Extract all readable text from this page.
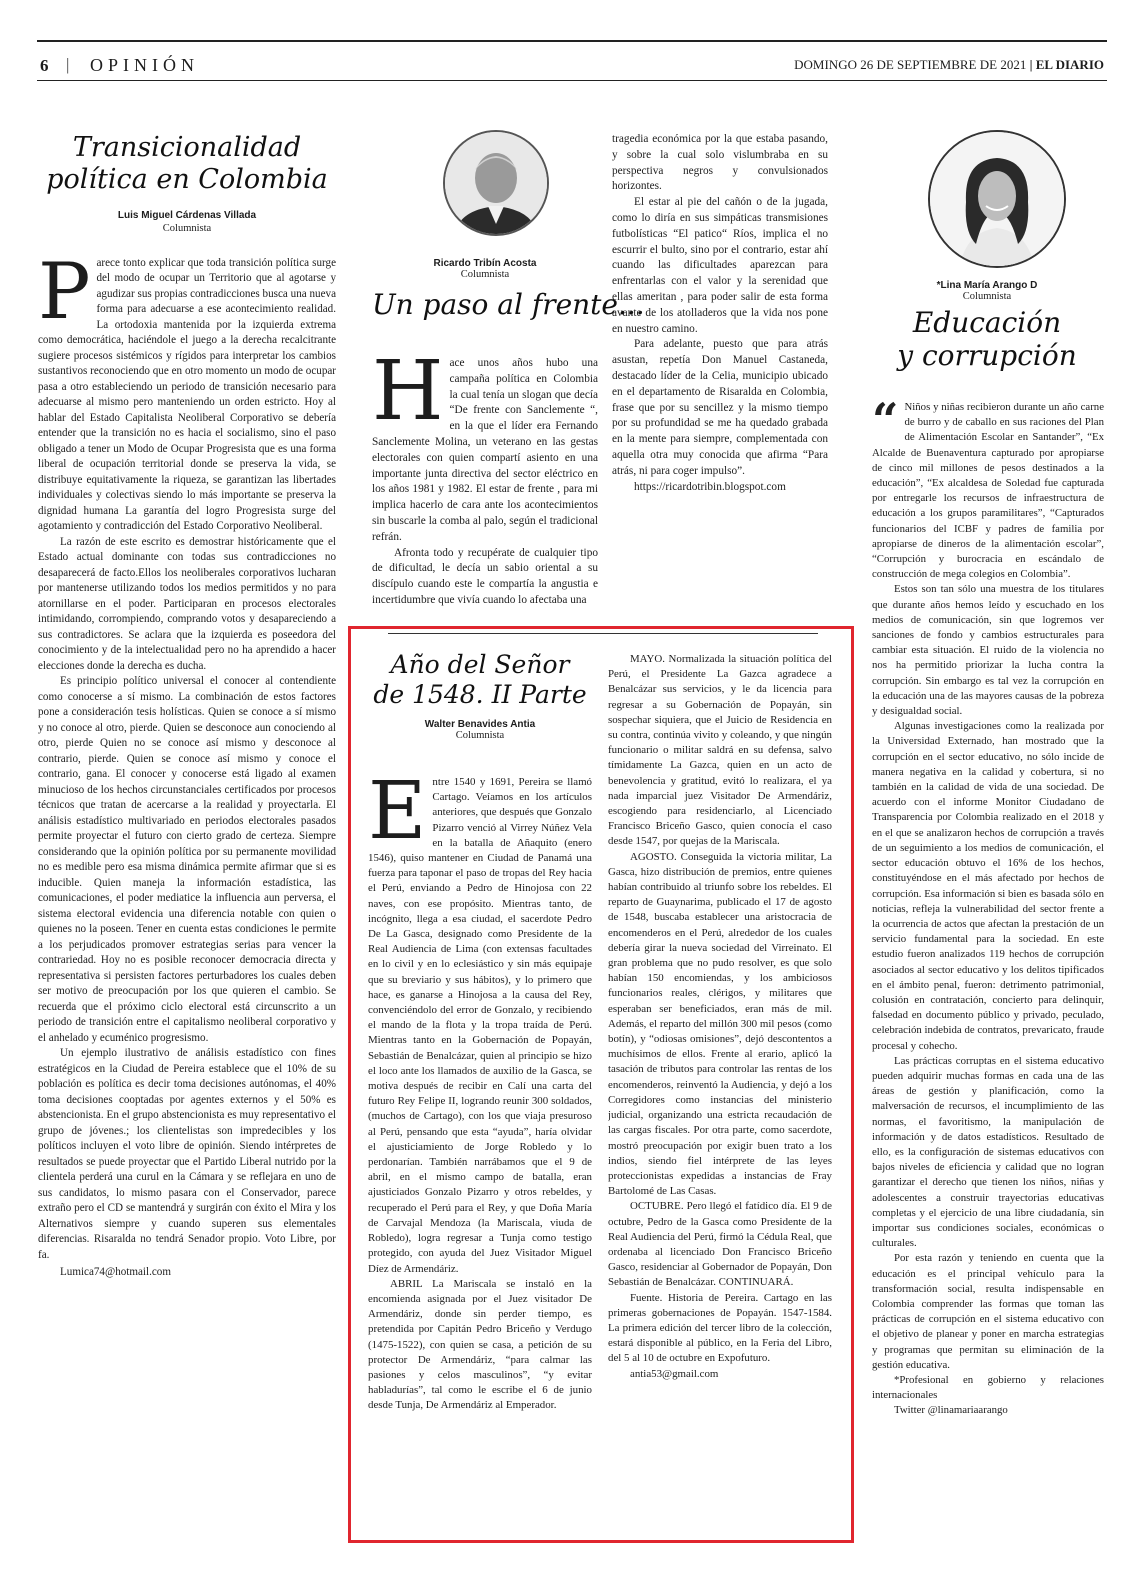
6 | OPINIÓN	DOMINGO 26 DE SEPTIEMBRE DE 2021 | EL DIARIO
Transicionalidad
política en Colombia
Luis Miguel Cárdenas Villada
Columnista

Parece tonto explicar que toda transición política surge del modo de ocupar un Territorio que al agotarse y agudizar sus propias contradicciones busca una nueva forma para adecuarse a ese acontecimiento realidad. La ortodoxia mantenida por la izquierda extrema como democrática, haciéndole el juego a la derecha recalcitrante sugiere procesos sistémicos y rígidos para interpretar los cambios sustantivos reconociendo que en otro momento un modo de ocupar pasa a otro estableciendo un periodo de transición necesario para adecuarse al mismo pero manteniendo un orden estricto. Hoy al hablar del Estado Capitalista Neoliberal Corporativo se debería entender que la transición no es hacia el socialismo, sino el paso obligado a tener un Modo de Ocupar Progresista que es una forma liberal de ocupación territorial donde se preserva la vida, se distribuye equitativamente la riqueza, se garantizan las libertades individuales y colectivas siendo lo más importante se preserva la dignidad humana La garantía del logro Progresista surge del agotamiento y contradicción del Estado Corporativo Neoliberal.

La razón de este escrito es demostrar históricamente que el Estado actual dominante con todas sus contradicciones no desaparecerá de facto.Ellos los neoliberales corporativos lucharan por mantenerse utilizando todos los medios permitidos y no para atornillarse en el poder. Participaran en procesos electorales intimidando, corrompiendo, comprando votos y desapareciendo a sus contradictores. Se aclara que la izquierda es poseedora del conocimiento y de la intelectualidad pero no ha aprendido a hacer elecciones donde la derecha es ducha.

Es principio político universal el conocer al contendiente como conocerse a sí mismo. La combinación de estos factores pone a consideración tesis holísticas. Quien se conoce a sí mismo y no conoce al otro, pierde. Quien se desconoce aun conociendo al otro, pierde Quien no se conoce así mismo y desconoce al contrario, pierde. Quien se conoce así mismo y conoce el contrario, gana. El conocer y conocerse está ligado al examen minucioso de los hechos circunstanciales certificados por procesos técnicos que tratan de acercarse a la realidad y proyectarla. El análisis estadístico multivariado en periodos electorales pasados permite proyectar el futuro con cierto grado de certeza. Siempre considerando que la opinión política por su permanente movilidad no es medible pero esa misma dinámica permite afirmar que si es inducible. Quien maneja la información estadística, las comunicaciones, el poder mediatice la influencia aun perversa, el sistema electoral evidencia una diferencia notable con quien o quienes no la poseen. Tener en cuenta estas condiciones le permite a los perjudicados promover estrategias serias para vencer la contrariedad. Hoy no es posible reconocer democracia directa y representativa si persisten factores perturbadores los cuales deben ser motivo de preocupación por los que quieren el cambio. Se recuerda que el próximo ciclo electoral está circunscrito a un periodo de transición entre el capitalismo neoliberal corporativo y el anhelado y ecuménico progresismo.

Un ejemplo ilustrativo de análisis estadístico con fines estratégicos en la Ciudad de Pereira establece que el 10% de su población es política es decir toma decisiones autónomas, el 40% toma decisiones cooptadas por agentes externos y el 50% es abstencionista. En el grupo abstencionista es muy representativo el grupo de jóvenes.; los clientelistas son impredecibles y los políticos incluyen el voto libre de opinión. Siendo intérpretes de resultados se puede proyectar que el Partido Liberal nutrido por la clientela perderá una curul en la Cámara y se reflejara en uno de sus candidatos, lo mismo pasara con el Conservador, parece extraño pero el CD se mantendrá y surgirán con éxito el Mira y los Alternativos siempre y cuando superen sus elementales diferencias. Risaralda no tendrá Senador propio. Voto Libre, por fa.

Lumica74@hotmail.com

Ricardo Tribín Acosta
Columnista
Un paso al frente...

Hace unos años hubo una campaña política en Colombia la cual tenía un slogan que decía “De frente con Sanclemente “, en la que el líder era Fernando Sanclemente Molina, un veterano en las gestas electorales con quien compartí asiento en una importante junta directiva del sector eléctrico en los años 1981 y 1982. El estar de frente , para mi implica hacerlo de cara ante los acontecimientos sin buscarle la comba al palo, según el tradicional refrán.

Afronta todo y recupérate de cualquier tipo de dificultad, le decía un sabio oriental a su discípulo cuando este le compartía la angustia e incertidumbre que vivía cuando lo afectaba una

tragedia económica por la que estaba pasando, y sobre la cual solo vislumbraba en su perspectiva negros y convulsionados horizontes.

El estar al pie del cañón o de la jugada, como lo diría en sus simpáticas transmisiones futbolísticas “El patico“ Ríos, implica el no escurrir el bulto, sino por el contrario, estar ahí cuando las dificultades aparezcan para enfrentarlas con el valor y la serenidad que ellas ameritan , para poder salir de esta forma avante de los atolladeros que la vida nos pone en nuestro camino.

Para adelante, puesto que para atrás asustan, repetía Don Manuel Castaneda, destacado líder de la Celia, municipio ubicado en el departamento de Risaralda en Colombia, frase que por su sencillez y la mismo tiempo por su profundidad se me ha quedado grabada en la mente para siempre, complementada con aquella otra muy conocida que afirma “Para atrás, ni para coger impulso”.

https://ricardotribin.blogspot.com

Año del Señor
de 1548. II Parte
Walter Benavides Antia
Columnista

Entre 1540 y 1691, Pereira se llamó Cartago. Veíamos en los artículos anteriores, que después que Gonzalo Pizarro venció al Virrey Núñez Vela en la batalla de Añaquito (enero 1546), quiso mantener en Ciudad de Panamá una fuerza para taponar el paso de tropas del Rey hacia el Perú, enviando a Pedro de Hinojosa con 22 naves, con ese propósito. Mientras tanto, de incógnito, llega a esa ciudad, el sacerdote Pedro De La Gasca, designado como Presidente de la Real Audiencia de Lima (con extensas facultades en lo civil y en lo eclesiástico y sin más equipaje que su breviario y sus hábitos), y lo primero que hace, es ganarse a Hinojosa a la causa del Rey, convenciéndolo del error de Gonzalo, y recibiendo el mando de la flota y la tropa traída de Perú. Mientras tanto en la Gobernación de Popayán, Sebastián de Benalcázar, quien al principio se hizo el loco ante los llamados de auxilio de la Gasca, se motiva después de recibir en Calí una carta del futuro Rey Felipe II, logrando reunir 300 soldados, (muchos de Cartago), con los que viaja presuroso al Perú, pensando que esta “ayuda”, haría olvidar el ajusticiamiento de Jorge Robledo y lo perdonarían. También narrábamos que el 9 de abril, en el mismo campo de batalla, eran ajusticiados Gonzalo Pizarro y otros rebeldes, y recuperado el Perú para el Rey, y que Doña María de Carvajal Mendoza (la Mariscala, viuda de Robledo), logra regresar a Tunja como testigo protegido, con ayuda del Juez Visitador Miguel Díez de Armendáriz.

ABRIL La Mariscala se instaló en la encomienda asignada por el Juez visitador De Armendáriz, donde sin perder tiempo, es pretendida por Capitán Pedro Briceño y Verdugo (1475-1522), con quien se casa, a petición de su protector De Armendáriz, “para calmar las pasiones y celos masculinos”, “y evitar habladurías”, tal como le escribe el 6 de junio desde Tunja, De Armendáriz al Emperador.

MAYO. Normalizada la situación política del Perú, el Presidente La Gazca agradece a Benalcázar sus servicios, y le da licencia para regresar a su Gobernación de Popayán, sin sospechar siquiera, que el Juicio de Residencia en su contra, continúa vivito y coleando, y que ningún funcionario o militar saldrá en su defensa, salvo tímidamente La Gazca, quien en un acto de benevolencia y gratitud, evitó lo realizara, el ya nada imparcial juez Visitador De Armendáriz, escogiendo para residenciarlo, al Licenciado Francisco Briceño Gasco, quien conocía el caso desde 1547, por quejas de la Mariscala.

AGOSTO. Conseguida la victoria militar, La Gasca, hizo distribución de premios, entre quienes habían contribuido al triunfo sobre los rebeldes. El reparto de Guaynarima, publicado el 17 de agosto de 1548, buscaba establecer una aristocracia de encomenderos en el Perú, alrededor de los cuales debería girar la nueva sociedad del Virreinato. El gran problema que no pudo resolver, es que solo habían 150 encomiendas, y los ambiciosos funcionarios reales, clérigos, y militares que esperaban ser beneficiados, eran más de mil. Además, el reparto del millón 300 mil pesos (como botín), y “odiosas omisiones”, dejó descontentos a muchísimos de ellos. Frente al erario, aplicó la tasación de tributos para controlar las rentas de los encomenderos, reinventó la Audiencia, y dejó a los Corregidores como instancias del ministerio judicial, organizando una estricta recaudación de las cargas fiscales. Por otra parte, como sacerdote, mostró preocupación por exigir buen trato a los indios, siendo fiel intérprete de las leyes proteccionistas expedidas a instancias de Fray Bartolomé de Las Casas.

OCTUBRE. Pero llegó el fatídico día. El 9 de octubre, Pedro de la Gasca como Presidente de la Real Audiencia del Perú, firmó la Cédula Real, que ordenaba al licenciado Don Francisco Briceño Gasco, residenciar al Gobernador de Popayán, Don Sebastián de Benalcázar. CONTINUARÁ.

Fuente. Historia de Pereira. Cartago en las primeras gobernaciones de Popayán. 1547-1584. La primera edición del tercer libro de la colección, estará disponible al público, en la Feria del Libro, del 5 al 10 de octubre en Expofuturo.

antia53@gmail.com

*Lina María Arango D
Columnista
Educación
y corrupción

“ Niños y niñas recibieron durante un año carne de burro y de caballo en sus raciones del Plan de Alimentación Escolar en Santander”, “Ex Alcalde de Buenaventura capturado por apropiarse de cinco mil millones de pesos destinados a la educación”, “Ex alcaldesa de Soledad fue capturada por entregarle los recursos de infraestructura de educación a los grupos paramilitares”, “Capturados funcionarios del ICBF y padres de familia por apropiarse de dineros de la alimentación escolar”, “Corrupción y burocracia en escándalo de construcción de mega colegios en Colombia”.

Estos son tan sólo una muestra de los titulares que durante años hemos leído y escuchado en los medios de comunicación, sin que logremos ver sanciones de fondo y cambios estructurales para cambiar esta situación. El ruido de la violencia no nos ha permitido priorizar la lucha contra la corrupción. Sin embargo es tal vez la corrupción en la educación una de las mayores causas de la pobreza y desigualdad social.

Algunas investigaciones como la realizada por la Universidad Externado, han mostrado que la corrupción en el sector educativo, no sólo incide de manera negativa en la calidad y cobertura, si no también en la calidad de vida de una sociedad. De acuerdo con el informe Monitor Ciudadano de Transparencia por Colombia realizado en el 2018 y en el que se analizaron hechos de corrupción a través de un seguimiento a los medios de comunicación, el sector educación obtuvo el 16% de los hechos, constituyéndose en el más afectado por hechos de corrupción. Esa información si bien es basada sólo en noticias, refleja la vulnerabilidad del sector frente a la ocurrencia de actos que afectan la prestación de un servicio fundamental para la sociedad. En este estudio fueron analizados 119 hechos de corrupción asociados al sector educativo y los delitos tipificados en el ámbito penal, fueron: detrimento patrimonial, colusión en contratación, concierto para delinquir, falsedad en documento público y privado, peculado, celebración indebida de contratos, prevaricato, fraude procesal y cohecho.

Las prácticas corruptas en el sistema educativo pueden adquirir muchas formas en cada una de las áreas de gestión y planificación, como la malversación de recursos, el incumplimiento de las normas, el favoritismo, la manipulación de información y de datos estadísticos. Resultado de ello, es la configuración de sistemas educativos con bajos niveles de eficiencia y calidad que no logran garantizar el derecho que tienen los niños, niñas y adolescentes a construir trayectorias educativas completas y el ejercicio de una libre ciudadanía, sin importar sus condiciones sociales, económicas o culturales.

Por esta razón y teniendo en cuenta que la educación es el principal vehículo para la transformación social, resulta indispensable en Colombia comprender las formas que toman las prácticas de corrupción en el sistema educativo con el objetivo de planear y poner en marcha estrategias y programas que permitan su eliminación de la gestión educativa.

*Profesional en gobierno y relaciones internacionales

Twitter @linamariaarango
